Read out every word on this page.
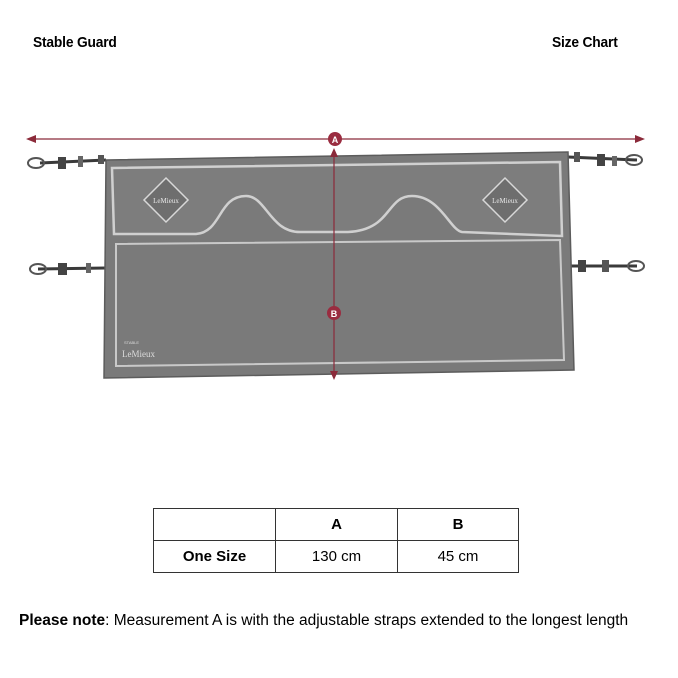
Stable Guard	Size Chart
A
LeMieux	LeMieux
STABLE
LeMieux
B
	A	B
One Size	130 cm	45 cm
Please note: Measurement A is with the adjustable straps extended to the longest length
